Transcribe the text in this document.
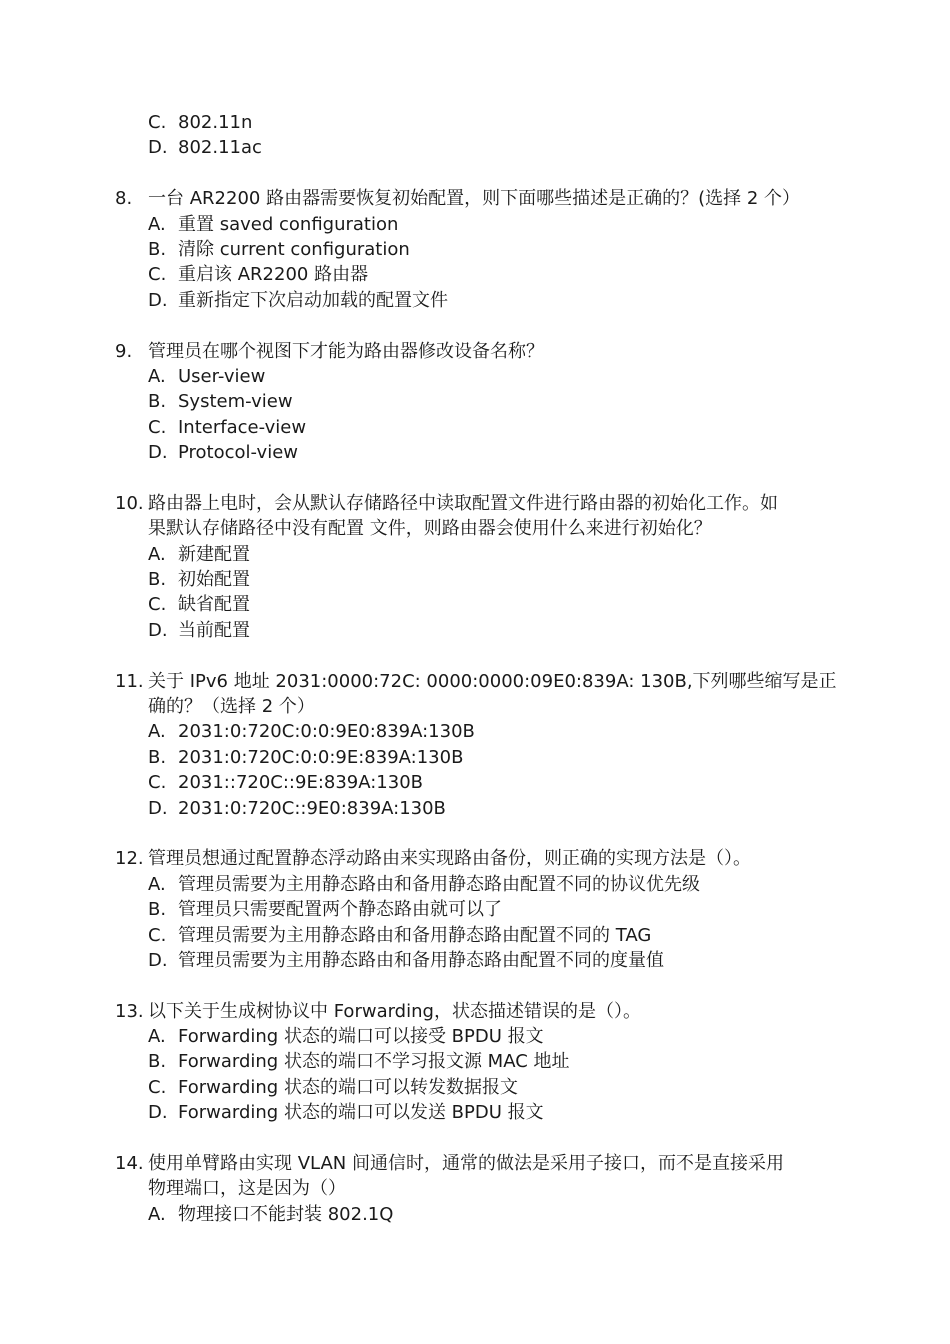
C. 802.11n
D. 802.11ac
8. 一台 AR2200 路由器需要恢复初始配置，则下面哪些描述是正确的？(选择 2 个）
A. 重置 saved configuration
B. 清除 current configuration
C. 重启该 AR2200 路由器
D. 重新指定下次启动加载的配置文件
9. 管理员在哪个视图下才能为路由器修改设备名称？
A. User-view
B. System-view
C. Interface-view
D. Protocol-view
10. 路由器上电时，会从默认存储路径中读取配置文件进行路由器的初始化工作。如
果默认存储路径中没有配置 文件，则路由器会使用什么来进行初始化？
A. 新建配置
B. 初始配置
C. 缺省配置
D. 当前配置
11. 关于 IPv6 地址 2031:0000:72C: 0000:0000:09E0:839A: 130B,下列哪些缩写是正
确的？（选择 2 个）
A. 2031:0:720C:0:0:9E0:839A:130B
B. 2031:0:720C:0:0:9E:839A:130B
C. 2031::720C::9E:839A:130B
D. 2031:0:720C::9E0:839A:130B
12. 管理员想通过配置静态浮动路由来实现路由备份，则正确的实现方法是（）。
A. 管理员需要为主用静态路由和备用静态路由配置不同的协议优先级
B. 管理员只需要配置两个静态路由就可以了
C. 管理员需要为主用静态路由和备用静态路由配置不同的 TAG
D. 管理员需要为主用静态路由和备用静态路由配置不同的度量值
13. 以下关于生成树协议中 Forwarding，状态描述错误的是（）。
A. Forwarding 状态的端口可以接受 BPDU 报文
B. Forwarding 状态的端口不学习报文源 MAC 地址
C. Forwarding 状态的端口可以转发数据报文
D. Forwarding 状态的端口可以发送 BPDU 报文
14. 使用单臂路由实现 VLAN 间通信时，通常的做法是采用子接口，而不是直接采用
物理端口，这是因为（）
A. 物理接口不能封装 802.1Q
